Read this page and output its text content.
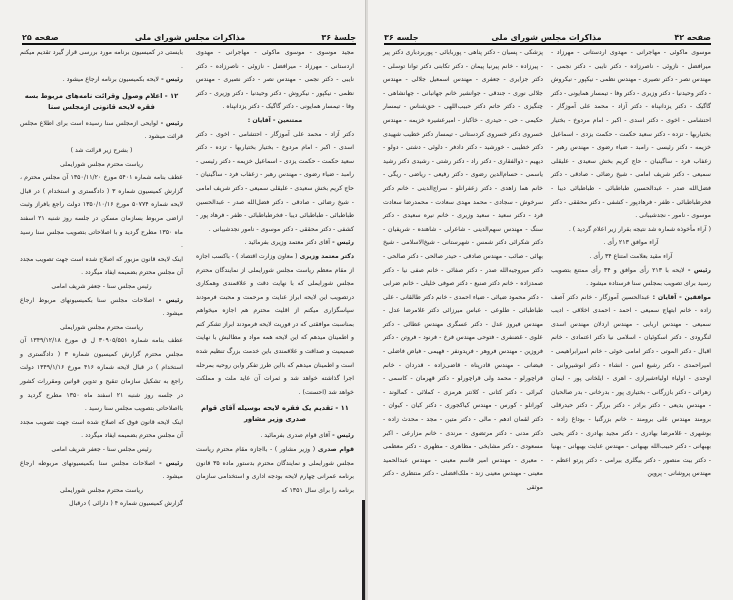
جلسهٔ ۳۶
مذاکرات مجلس شورای ملی
صفحه ۲۵

مجید موسوی - موسوی ماکوئی - مهاجرانی - مهدوی اردستانی - مهرزاد - میرافضل - نازوئی - ناصرزاده - دکتر نایبی - دکتر نجمی - مهندس نصر - دکتر نصیری - مهندس نظمی - نیکپور - نیکروش - دکتر وحیدنیا - دکتر وزیری - دکتر وفا - تیمسار همایونی - دکتر گاگیک - دکتر یزدانپناه .

ممتنعین - آقایان :

دکتر آزاد - محمد علی آموزگار - احتشامی - اخوی - دکتر اسدی - اکبر - امام مردوخ - بختیار بختیاربها - تزده - دکتر سعید حکمت - حکمت یزدی - اسماعیل خزیمه - دکتر رئیسی - رامبد - ضیاء رضوی - مهندس رهبر - زعفاب فرد - ساگینیان - حاج کریم بخش سعیدی - علیقلی سمیعی - دکتر شریف امامی - شیخ رضائی - صادقی - دکتر فضل‌الله صدر - عبدالحسین طباطبائی - طباطبائی دیبا - فخرطباطبائی - ظفر - فرهاد پور - کشفی - دکتر محققی - دکتر موسوی - نامور نجدشیبانی .

رئیس - آقای دکتر معتمد وزیری بفرمائید .

دکتر معتمد وزیری ( معاون وزارت اقتصاد ) - باکسب اجازه از مقام معظم ریاست مجلس شورایملی از نمایندگان محترم مجلس شورایملی که با نهایت دقت و علاقمندی وهمکاری درتصویب این لایحه ابراز عنایت و مرحمت و محبت فرمودند سپاسگزاری میکنم از اقلیت محترم هم اجازه میخواهم بمناسبت موافقتی که در فوریت لایحه فرمودند ابراز تشکر کنم و اطمینان میدهم که این لایحه همه مواد و مطالبش با نهایت صمیمیت و صداقت و علاقمندی باین خدمت بزرگ تنظیم شده است و اطمینان میدهم که بااین طرز تفکر واین روحیه بمرحله اجرا گذاشته خواهد شد و ثمرات آن عاید ملت و مملکت خواهد شد (احسنت) .

۱۱ - تقدیم یک فقره لایحه بوسیله آقای قوام صدری وزیر مشاور

رئیس - آقای قوام صدری بفرمائید .

قوام صدری ( وزیر مشاور ) - بااجازه مقام محترم ریاست مجلس شورایملی و نمایندگان محترم بدستور ماده ۳۵ قانون برنامه عمرانی چهارم لایحه بودجه اداری و استخدامی سازمان برنامه را برای سال ۱۳۵۱ که

بایستی در کمیسیون برنامه مورد بررسی قرار گیرد تقدیم میکنم .

رئیس - لایحه بکمیسیون برنامه ارجاع میشود .

۱۲ - اعلام وصول وقرائت نامه‌های مربوط بسه فقره لایحه قانونی ازمجلس سنا

رئیس - لوایحی ازمجلس سنا رسیده است برای اطلاع مجلس قرائت میشود .

( بشرح زیر قرائت شد )

ریاست محترم مجلس شورایملی

عطف بنامه شماره ۵۴۰۱ مورخ ۱۳۵۰/۱۱/۲۰ آن مجلس محترم ، گزارش کمیسیون شماره ۳ ( دادگستری و استخدام ) در قبال لایحه شماره ۵۰۷۷۴ مورخ ۱۳۵۰/۱۰/۱۶ دولت راجع بافراز وثبت اراضی مربوط بسازمان مسکن در جلسه روز شنبه ۲۱ اسفند ماه ۱۳۵۰ مطرح گردید و با اصلاحاتی بتصویب مجلس سنا رسید .

اینک لایحه قانون مزبور که اصلاح شده است جهت تصویب مجدد آن مجلس محترم بضمیمه ایفاد میگردد .

رئیس مجلس سنا - جعفر شریف امامی

رئیس - اصلاحات مجلس سنا بکمیسیونهای مربوط ارجاع میشود .

ریاست محترم مجلس شورایملی

عطف بنامه شماره ۳۰۹۰۵/۵۵۱ ل ق مورخ ۱۳۴۹/۱۲/۱۸ آن مجلس محترم گزارش کمیسیون شماره ۳ ( دادگستری و استخدام ) در قبال لایحه شماره ۴۱۶ مورخ ۱۳۴۹/۱/۱۶ دولت راجع به تشکیل سازمان تنقیح و تدوین قوانین ومقررات کشور در جلسه روز شنبه ۲۱ اسفند ماه ۱۳۵۰ مطرح گردید و بااصلاحاتی بتصویب مجلس سنا رسید .

اینک لایحه قانون فوق که اصلاح شده است جهت تصویب مجدد آن مجلس محترم بضمیمه ایفاد میگردد .

رئیس مجلس سنا - جعفر شریف امامی

رئیس - اصلاحات مجلس سنا بکمیسیونهای مربوطه ارجاع میشود .

ریاست محترم مجلس شورایملی

گزارش کمیسیون شماره ۴ ( دارائی ) درقبال

صفحه ۴۲
مذاکرات مجلس شورای ملی
جلسه ۳۶

موسوی ماکوئی - مهاجرانی - مهدوی اردستانی - مهرزاد - میرافضل - نازوئی - ناصرزاده - دکتر نایبی - دکتر نجمی - مهندس نصر - دکتر نصیری - مهندس نظمی - نیکپور - نیکروش - دکتر وحیدنیا - دکتر وزیری - دکتر وفا - تیمسار همایونی - دکتر گاگیک - دکتر یزدانپناه - دکتر آزاد - محمد علی آموزگار - احتشامی - اخوی - دکتر اسدی - اکبر - امام مردوخ - بختیار بختیاربها - تزده - دکتر سعید حکمت - حکمت یزدی - اسماعیل خزیمه - دکتر رئیسی - رامبد - ضیاء رضوی - مهندس رهبر - زعفاب فرد - ساگینیان - حاج کریم بخش سعیدی - علیقلی سمیعی - دکتر شریف امامی - شیخ رضائی - صادقی - دکتر فضل‌الله صدر - عبدالحسین طباطبائی - طباطبائی دیبا - فخرطباطبائی - ظفر - فرهادپور - کشفی - دکتر محققی - دکتر موسوی - نامور - نجدشیبانی .

( آراء مأخوذه شماره شد نتیجه بقرار زیر اعلام گردید ) .

آراء موافق ۲۱۳ رأی .

آراء مقید بعلامت امتناع ۳۴ رأی .

رئیس - لایحه با ۲۱۳ رأی موافق و ۳۴ رأی ممتنع بتصویب رسید برای تصویب بمجلس سنا فرستاده میشود .

موافقین - آقایان : عبدالحسین آموزگار - خانم دکتر آصف زاده - خانم ابتهاج سمیعی - احمد - احمدی اخلاقی - ادیب سمیعی - مهندس اربابی - مهندس اردلان مهندس اسدی لنگرودی - دکتر اسکوئیان - اسلامی نیا دکتر اعتمادی - خانم اقبال - دکتر الموتی - دکتر امامی خوئی - خانم امیرابراهیمی - امیراحمدی - دکتر رشیع امین - انشاء - دکتر انوشیروانی - اوحدی - اولیاء اولیاءشیرازی - اهری - ایلخانی پور - ایمان زهرائی - دکتر بازرگانی - بختیاری پور - بدرخانی - بدر صالحیان - مهندس بدیعی - دکتر برادر - دکتر برزگر - دکتر حیدرقلی برومند مهندس علی برومند - خانم بزرگنیا - بوداغ زاده - بوشهری - غلامرضا بهادری - دکتر مجید بهادری - دکتر یحیی بهبهانی - دکتر حبیب‌الله بهبهانی - مهندس عنایت بهبهانی - بهنیا - دکتر بیت منصور - دکتر بیگلری بیرامی - دکتر پرتو اعظم - مهندس پروشانی - پروین

پزشکی - پسیان - دکتر پناهی - پوربابائی - پوربردباری دکتر پیر - پیرزاده - خانم پیرنیا پیمان - دکتر تکابنی دکتر توانا توسلی - دکتر جزایری - جعفری - مهندس اسمعیل جلالی - مهندس جلالی نوری - جندقی - جوانشیر خانم جهانبانی - جهانشاهی - چنگیزی - دکتر حاتم دکتر حبیب‌اللهی - حق‌شناس - تیمسار حکیمی - حی - حیدری - خاکباز - امیرعشیره خزیمه - مهندس خسروی دکتر خسروی کردستانی - تیمسار دکتر خطیب شهیدی دکتر خطیبی - خورشید - دکتر دادفر - دلوئی - دشتی - دولو - دیهیم - ذوالفقاری - دکتر راد - دکتر رشتی - رشیدی دکتر رشید یاسمی - حسام‌الدین رضوی - دکتر رفیعی - ریاضی - ریگی - خانم هما زاهدی - دکتر زعفرانلو - سراج‌الدینی - خانم دکتر سرخوش - سجادی - محمد مهدی سعادت - محمدرضا سعادت فرد - دکتر سعید - سعید وزیری - خانم نیره سعیدی - دکتر سنگ - مهندس سهم‌الدینی - شاعرلی - شاهنده - شریفیان - دکتر شکرائی دکتر شمس - شهرستانی - شیخ‌الاسلامی - شیخ بهائی - صائب - مهندس صادقی - حیدر صالحی - دکتر صالحی - دکتر میروجیه‌الله صدر - دکتر صفائی - خانم صفی نیا - دکتر صمدزاده - خانم دکتر صنیع - دکتر صوفی خلیلی - خانم ضرابی - دکتر محمود ضیائی - ضیاء احمدی - خانم دکتر طالقانی - علی طباطبائی - طلوعی - عباس میرزائی دکتر غلامرضا عدل - مهندس فیروز عدل - دکتر عسگری مهندس عطائی - دکتر علوی - غضنفری - فتوحی مهندس فرخ - فرنود - فروتن - دکتر فروزین - مهندس فروهر - فریدونفر - فهیمی - فیاض فاضلی - فیضانی - مهندس قادرپناه - قاضی‌زاده - قدردان - خانم قراچورلو - محمد ولی قراچورلو - دکتر قهرمان - کاسمی - کبرائی - دکتر کتانی - کلانتر هرمزی - کملائی - کمالوند - کورانلو - کورس - مهندس کیاکجوری - دکتر کیان - کیوان - دکتر لقمان ادهم - مالی - دکتر متین - مجد - محدث زاده - دکتر مدنی - دکتر مرتضوی - مرندی - خانم مزارعی - اکبر مسعودی - دکتر مشایخی - مظاهری - مظهری - دکتر معظمی - معیری - مهندس امیر قاسم معینی - مهندس عبدالحمید معینی - مهندس معینی زند - ملک‌افضلی - دکتر منتظری - دکتر موثقی
